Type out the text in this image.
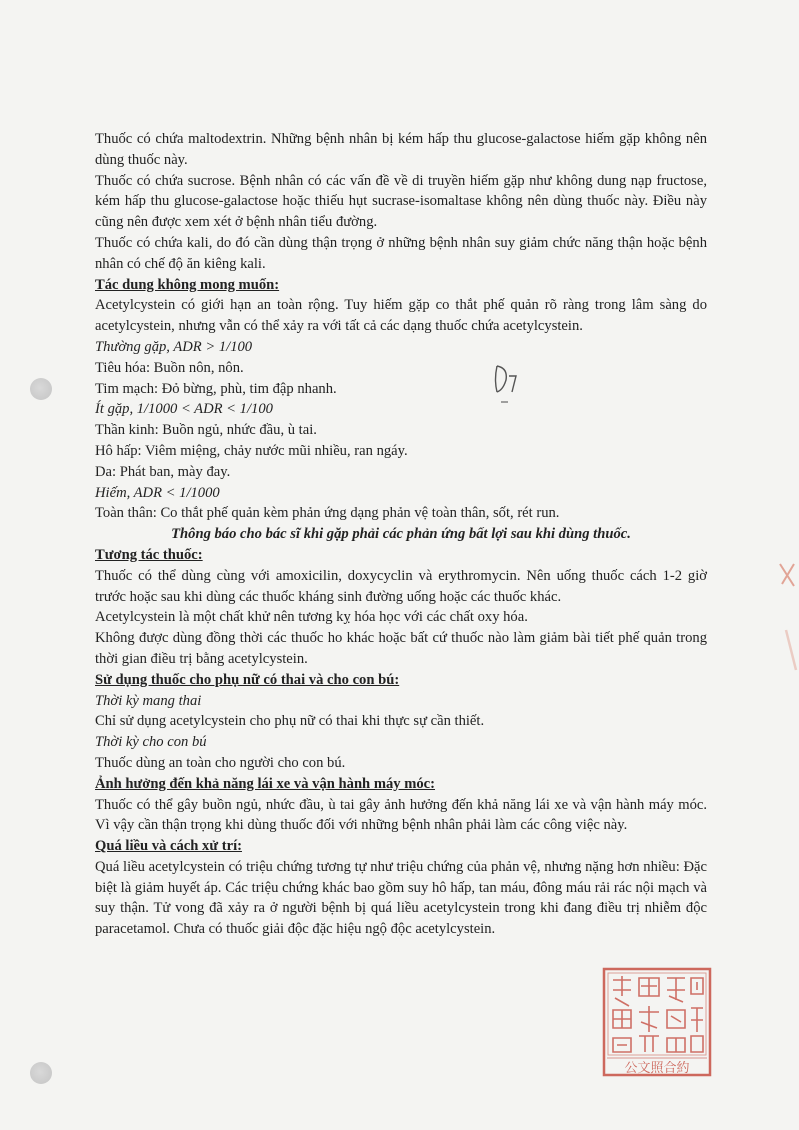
Thuốc có chứa maltodextrin. Những bệnh nhân bị kém hấp thu glucose-galactose hiếm gặp không nên dùng thuốc này.

Thuốc có chứa sucrose. Bệnh nhân có các vấn đề về di truyền hiếm gặp như không dung nạp fructose, kém hấp thu glucose-galactose hoặc thiếu hụt sucrase-isomaltase không nên dùng thuốc này. Điều này cũng nên được xem xét ở bệnh nhân tiểu đường.

Thuốc có chứa kali, do đó cần dùng thận trọng ở những bệnh nhân suy giảm chức năng thận hoặc bệnh nhân có chế độ ăn kiêng kali.

Tác dung không mong muốn:

Acetylcystein có giới hạn an toàn rộng. Tuy hiếm gặp co thắt phế quản rõ ràng trong lâm sàng do acetylcystein, nhưng vẫn có thể xảy ra với tất cả các dạng thuốc chứa acetylcystein.

Thường gặp, ADR > 1/100

Tiêu hóa: Buồn nôn, nôn.

Tim mạch: Đỏ bừng, phù, tim đập nhanh.

Ít gặp, 1/1000 < ADR < 1/100

Thần kinh: Buồn ngủ, nhức đầu, ù tai.

Hô hấp: Viêm miệng, chảy nước mũi nhiều, ran ngáy.

Da: Phát ban, mày đay.

Hiếm, ADR < 1/1000

Toàn thân: Co thắt phế quản kèm phản ứng dạng phản vệ toàn thân, sốt, rét run.

Thông báo cho bác sĩ khi gặp phải các phản ứng bất lợi sau khi dùng thuốc.

Tương tác thuốc:

Thuốc có thể dùng cùng với amoxicilin, doxycyclin và erythromycin. Nên uống thuốc cách 1-2 giờ trước hoặc sau khi dùng các thuốc kháng sinh đường uống hoặc các thuốc khác.

Acetylcystein là một chất khử nên tương kỵ hóa học với các chất oxy hóa.

Không được dùng đồng thời các thuốc ho khác hoặc bất cứ thuốc nào làm giảm bài tiết phế quản trong thời gian điều trị bằng acetylcystein.

Sử dụng thuốc cho phụ nữ có thai và cho con bú:

Thời kỳ mang thai

Chỉ sử dụng acetylcystein cho phụ nữ có thai khi thực sự cần thiết.

Thời kỳ cho con bú

Thuốc dùng an toàn cho người cho con bú.

Ảnh hưởng đến khả năng lái xe và vận hành máy móc:

Thuốc có thể gây buồn ngủ, nhức đầu, ù tai gây ảnh hưởng đến khả năng lái xe và vận hành máy móc. Vì vậy cần thận trọng khi dùng thuốc đối với những bệnh nhân phải làm các công việc này.

Quá liều và cách xử trí:

Quá liều acetylcystein có triệu chứng tương tự như triệu chứng của phản vệ, nhưng nặng hơn nhiều: Đặc biệt là giảm huyết áp. Các triệu chứng khác bao gồm suy hô hấp, tan máu, đông máu rải rác nội mạch và suy thận. Tử vong đã xảy ra ở người bệnh bị quá liều acetylcystein trong khi đang điều trị nhiễm độc paracetamol. Chưa có thuốc giải độc đặc hiệu ngộ độc acetylcystein.

公文照合約
